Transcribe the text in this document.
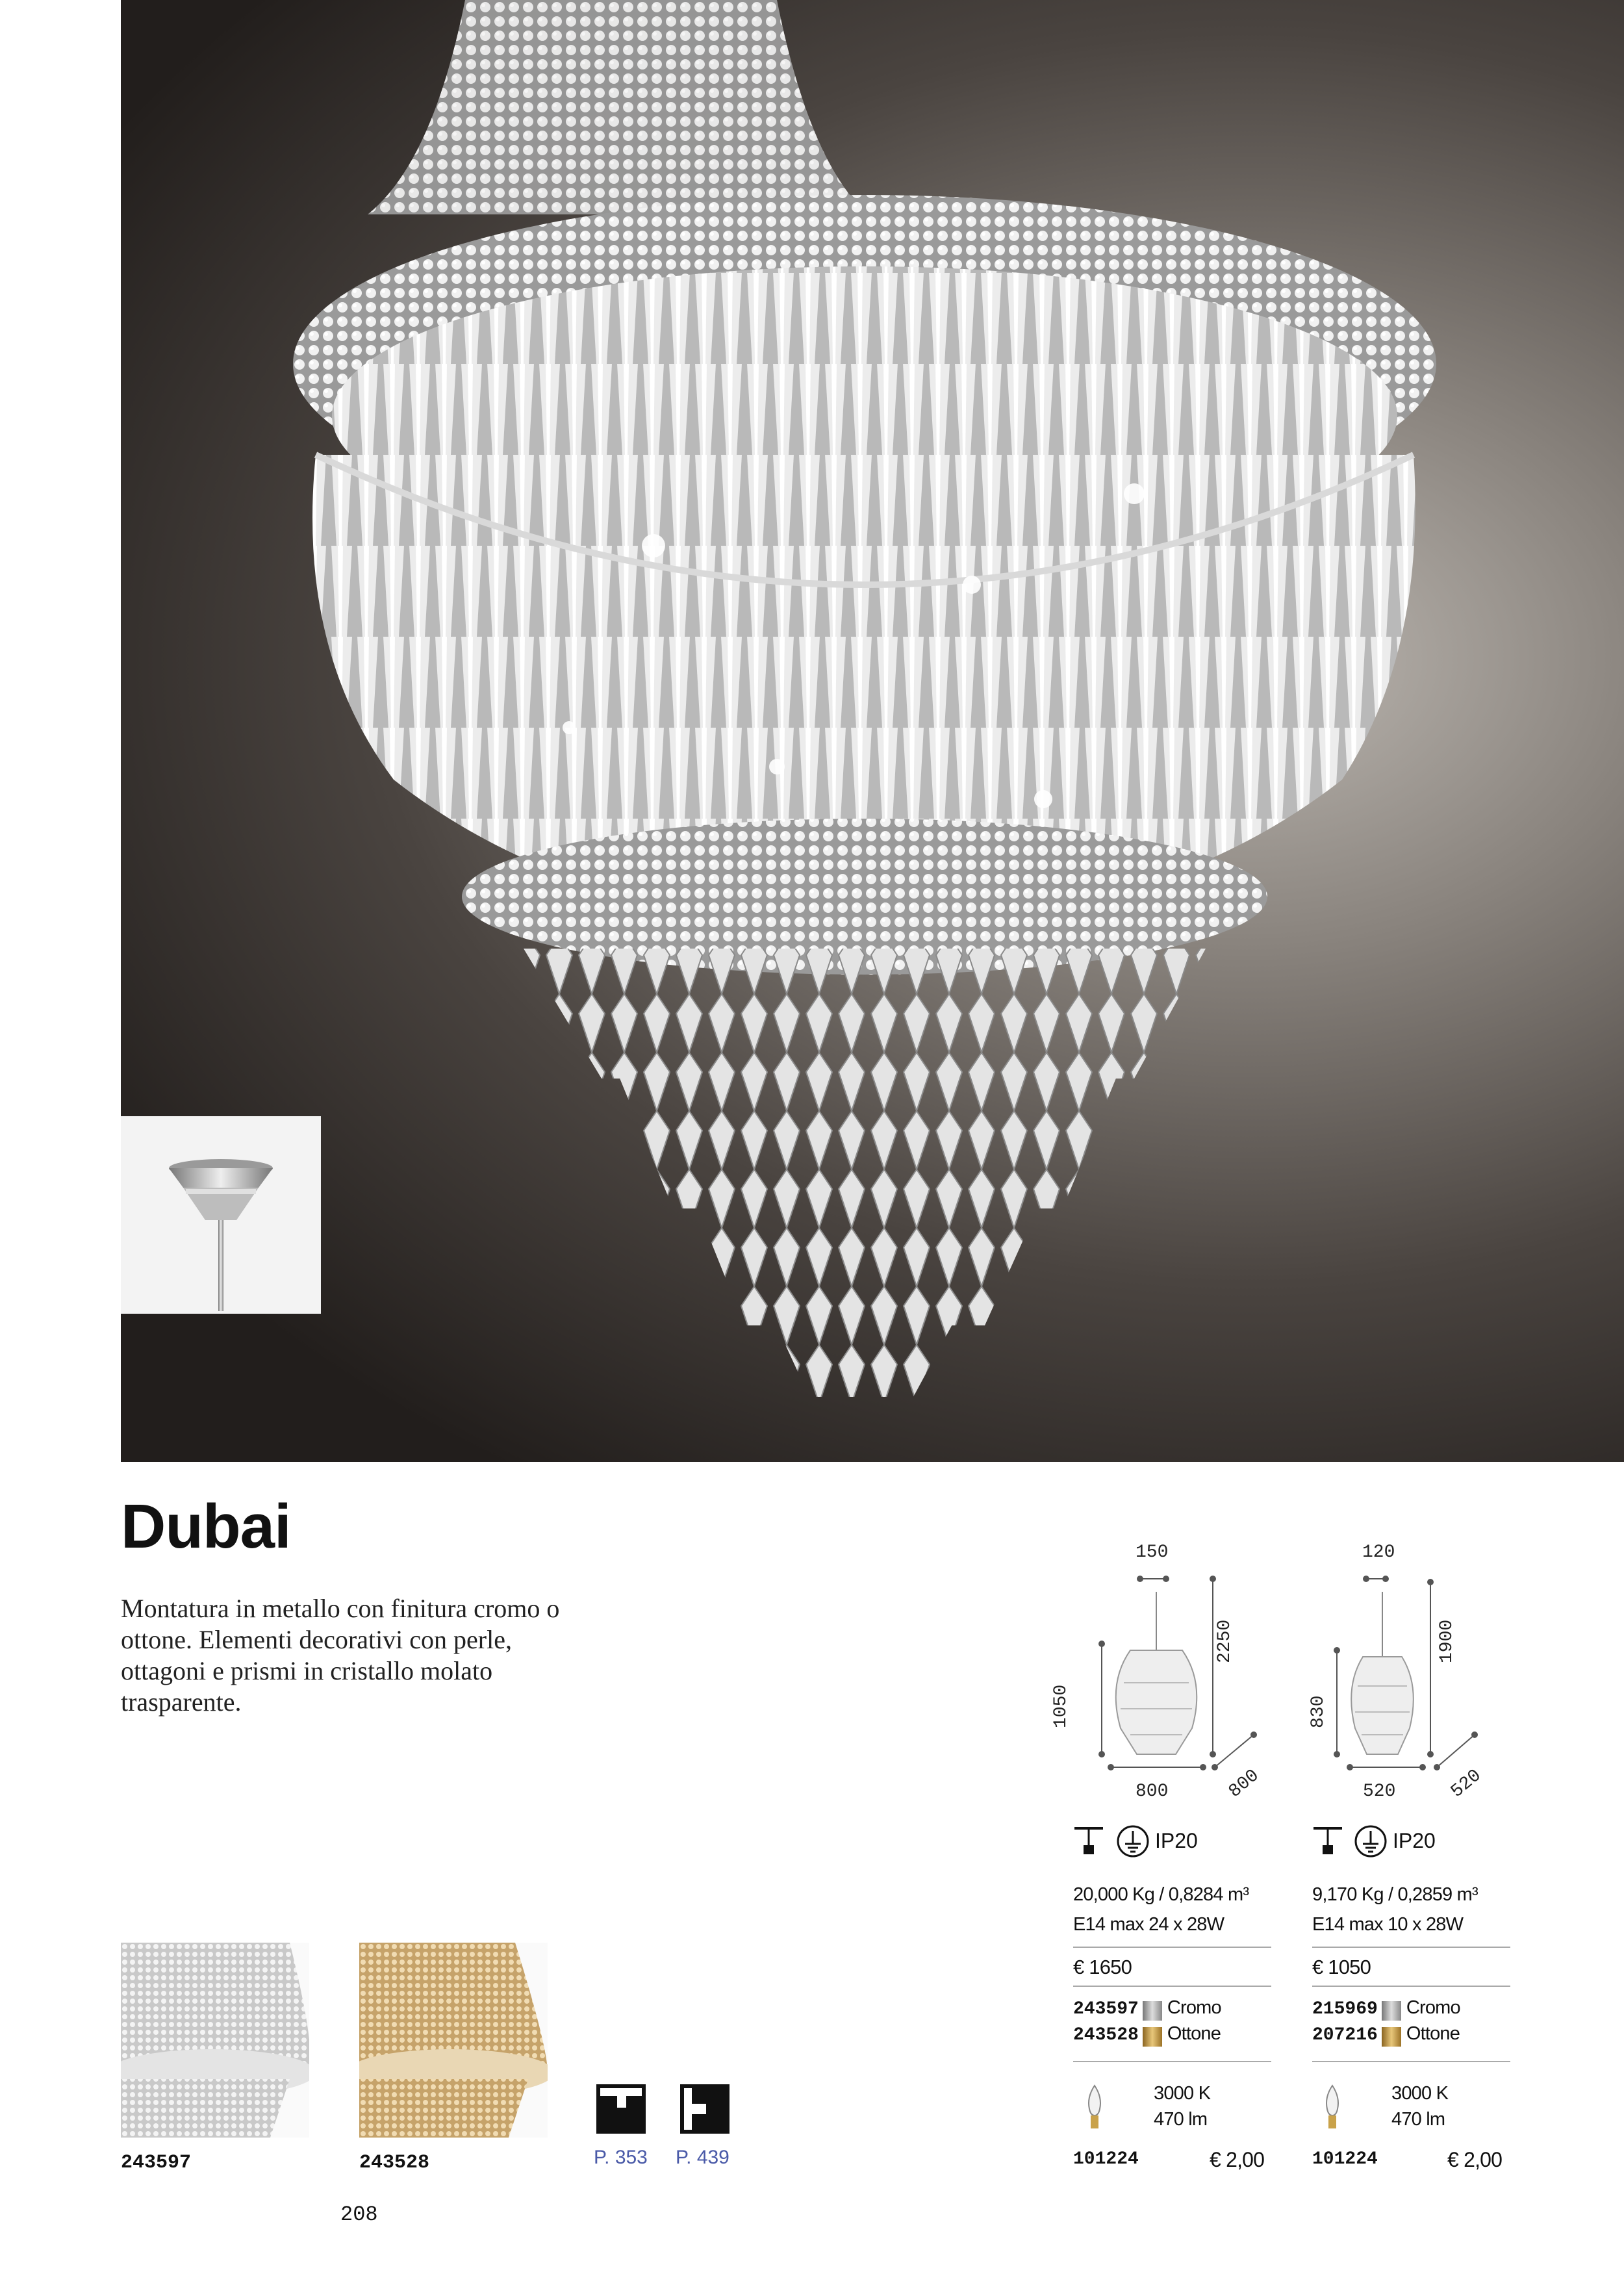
Dubai
Montatura in metallo con finitura cromo o ottone. Elementi decorativi con perle, ottagoni e prismi in cristallo molato trasparente.
243597	243528	P. 353 P. 439
208
150
2250
1050
800	800
IP20
20,000 Kg / 0,8284 m³
E14 max 24 x 28W
€ 1650
243597 Cromo
243528 Ottone
3000 K
470 lm
101224	€ 2,00
120
1900
830
520	520
IP20
9,170 Kg / 0,2859 m³
E14 max 10 x 28W
€ 1050
215969 Cromo
207216 Ottone
3000 K
470 lm
101224	€ 2,00
